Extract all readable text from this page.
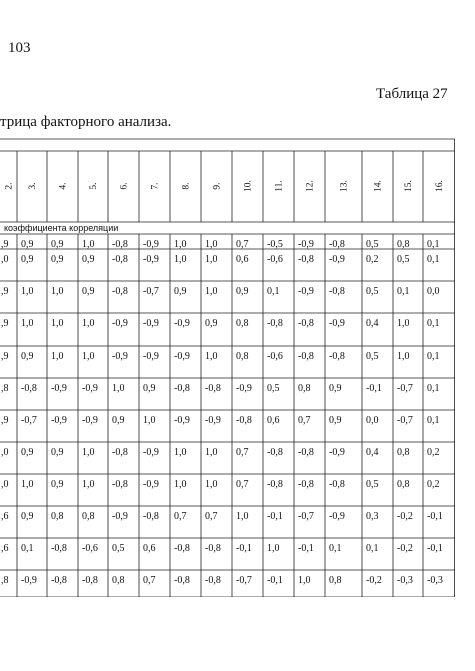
103
Таблица 27
трица факторного анализа.
2. 3. 4. 5. 6. 7. 8. 9. 10. 11. 12.	13.	14. 15. 16.
коэффициента корреляции
,9 0,9 0,9 1,0 -0,8 -0,9 1,0 1,0 0,7 -0,5 -0,9 -0,8 0,5 0,8 0,1
,0 0,9 0,9 0,9 -0,8 -0,9 1,0 1,0 0,6 -0,6 -0,8 -0,9 0,2 0,5 0,1
,9 1,0 1,0 0,9 -0,8 -0,7 0,9 1,0 0,9 0,1 -0,9 -0,8 0,5 0,1 0,0
,9 1,0 1,0 1,0 -0,9 -0,9 -0,9 0,9 0,8 -0,8 -0,8 -0,9 0,4 1,0 0,1
,9 0,9 1,0 1,0 -0,9 -0,9 -0,9 1,0 0,8 -0,6 -0,8 -0,8 0,5 1,0 0,1
,8 -0,8 -0,9 -0,9 1,0 0,9 -0,8 -0,8 -0,9 0,5 0,8 0,9 -0,1 -0,7 0,1
,9 -0,7 -0,9 -0,9 0,9 1,0 -0,9 -0,9 -0,8 0,6 0,7 0,9 0,0 -0,7 0,1
,0 0,9 0,9 1,0 -0,8 -0,9 1,0 1,0 0,7 -0,8 -0,8 -0,9 0,4 0,8 0,2
,0 1,0 0,9 1,0 -0,8 -0,9 1,0 1,0 0,7 -0,8 -0,8 -0,8 0,5 0,8 0,2
,6 0,9 0,8 0,8 -0,9 -0,8 0,7 0,7 1,0 -0,1 -0,7 -0,9 0,3 -0,2 -0,1
,6 0,1 -0,8 -0,6 0,5 0,6 -0,8 -0,8 -0,1 1,0 -0,1 0,1 0,1 -0,2 -0,1
,8 -0,9 -0,8 -0,8 0,8 0,7 -0,8 -0,8 -0,7 -0,1 1,0 0,8 -0,2 -0,3 -0,3
